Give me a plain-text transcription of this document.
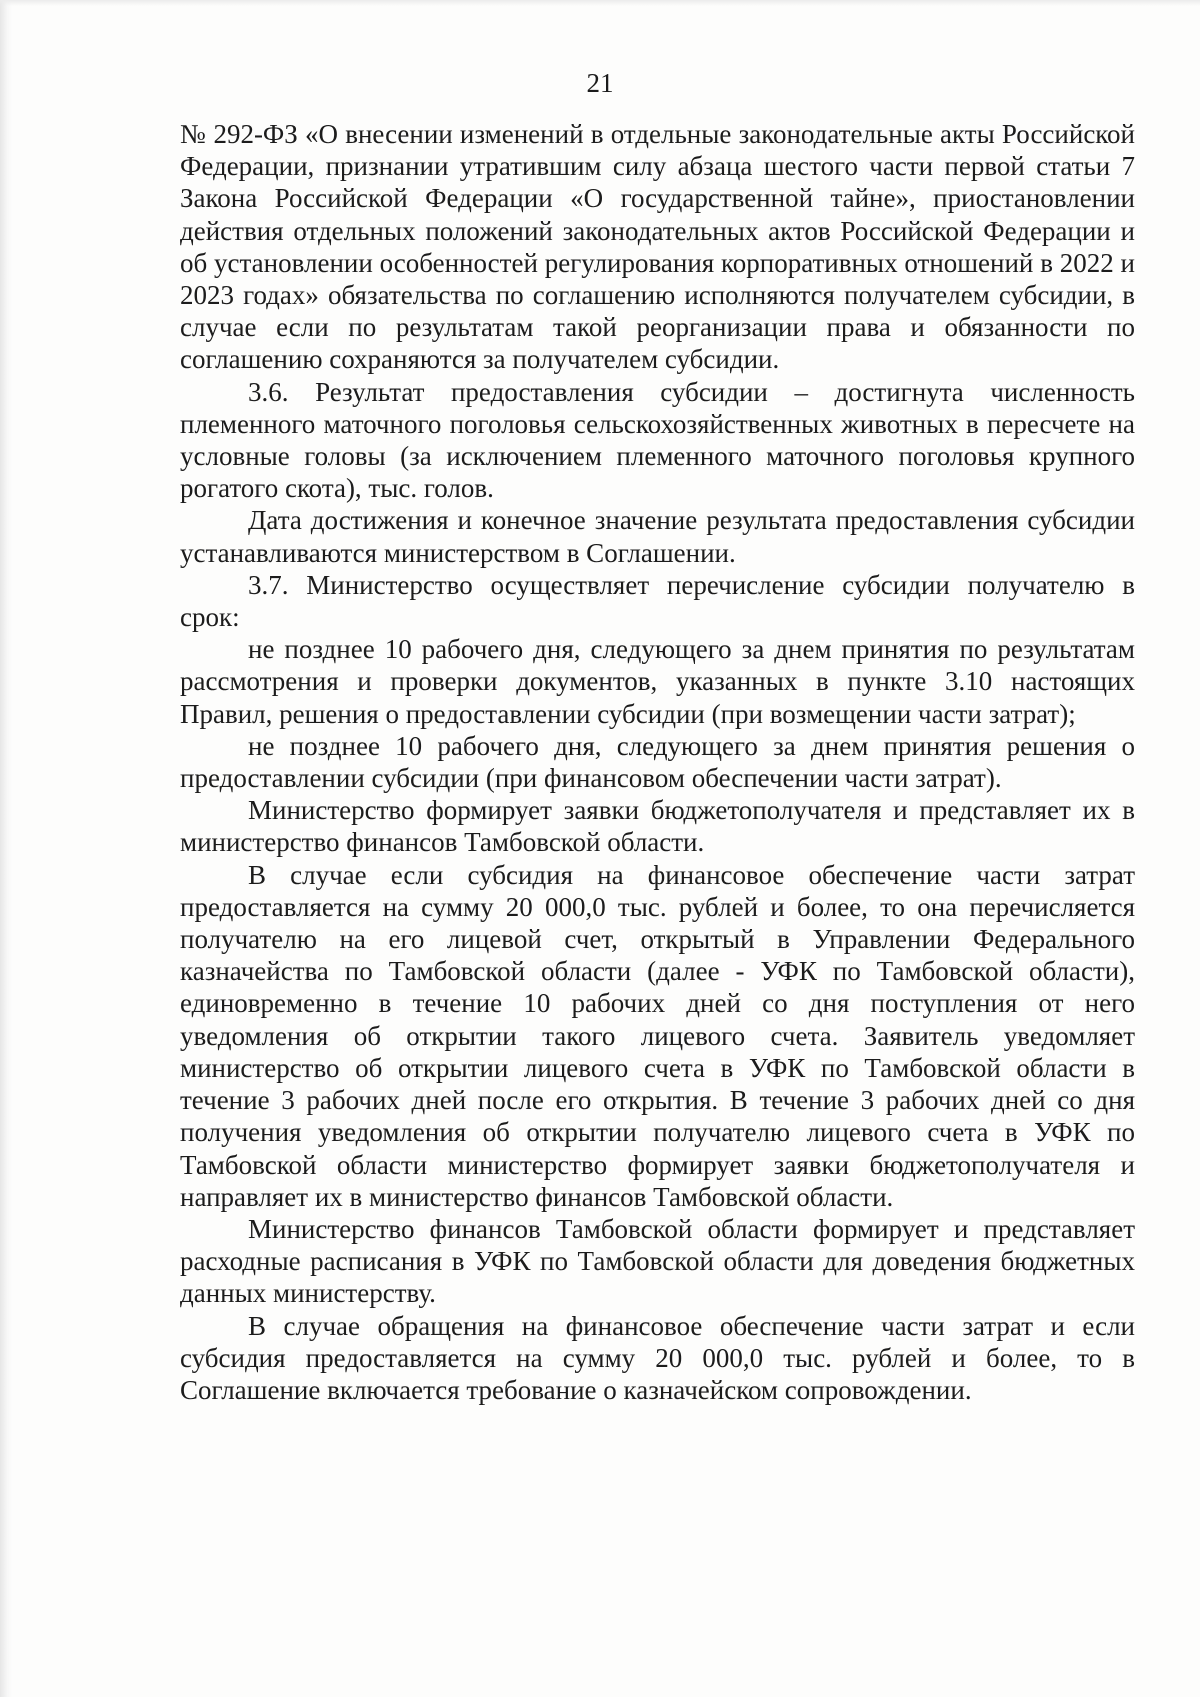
21

№ 292-ФЗ «О внесении изменений в отдельные законодательные акты Российской Федерации, признании утратившим силу абзаца шестого части первой статьи 7 Закона Российской Федерации «О государственной тайне», приостановлении действия отдельных положений законодательных актов Российской Федерации и об установлении особенностей регулирования корпоративных отношений в 2022 и 2023 годах» обязательства по соглашению исполняются получателем субсидии, в случае если по результатам такой реорганизации права и обязанности по соглашению сохраняются за получателем субсидии.

3.6. Результат предоставления субсидии – достигнута численность племенного маточного поголовья сельскохозяйственных животных в пересчете на условные головы (за исключением племенного маточного поголовья крупного рогатого скота), тыс. голов.

Дата достижения и конечное значение результата предоставления субсидии устанавливаются министерством в Соглашении.

3.7. Министерство осуществляет перечисление субсидии получателю в срок:

не позднее 10 рабочего дня, следующего за днем принятия по результатам рассмотрения и проверки документов, указанных в пункте 3.10 настоящих Правил, решения о предоставлении субсидии (при возмещении части затрат);

не позднее 10 рабочего дня, следующего за днем принятия решения о предоставлении субсидии (при финансовом обеспечении части затрат).

Министерство формирует заявки бюджетополучателя и представляет их в министерство финансов Тамбовской области.

В случае если субсидия на финансовое обеспечение части затрат предоставляется на сумму 20 000,0 тыс. рублей и более, то она перечисляется получателю на его лицевой счет, открытый в Управлении Федерального казначейства по Тамбовской области (далее - УФК по Тамбовской области), единовременно в течение 10 рабочих дней со дня поступления от него уведомления об открытии такого лицевого счета. Заявитель уведомляет министерство об открытии лицевого счета в УФК по Тамбовской области в течение 3 рабочих дней после его открытия. В течение 3 рабочих дней со дня получения уведомления об открытии получателю лицевого счета в УФК по Тамбовской области министерство формирует заявки бюджетополучателя и направляет их в министерство финансов Тамбовской области.

Министерство финансов Тамбовской области формирует и представляет расходные расписания в УФК по Тамбовской области для доведения бюджетных данных министерству.

В случае обращения на финансовое обеспечение части затрат и если субсидия предоставляется на сумму 20 000,0 тыс. рублей и более, то в Соглашение включается требование о казначейском сопровождении.
